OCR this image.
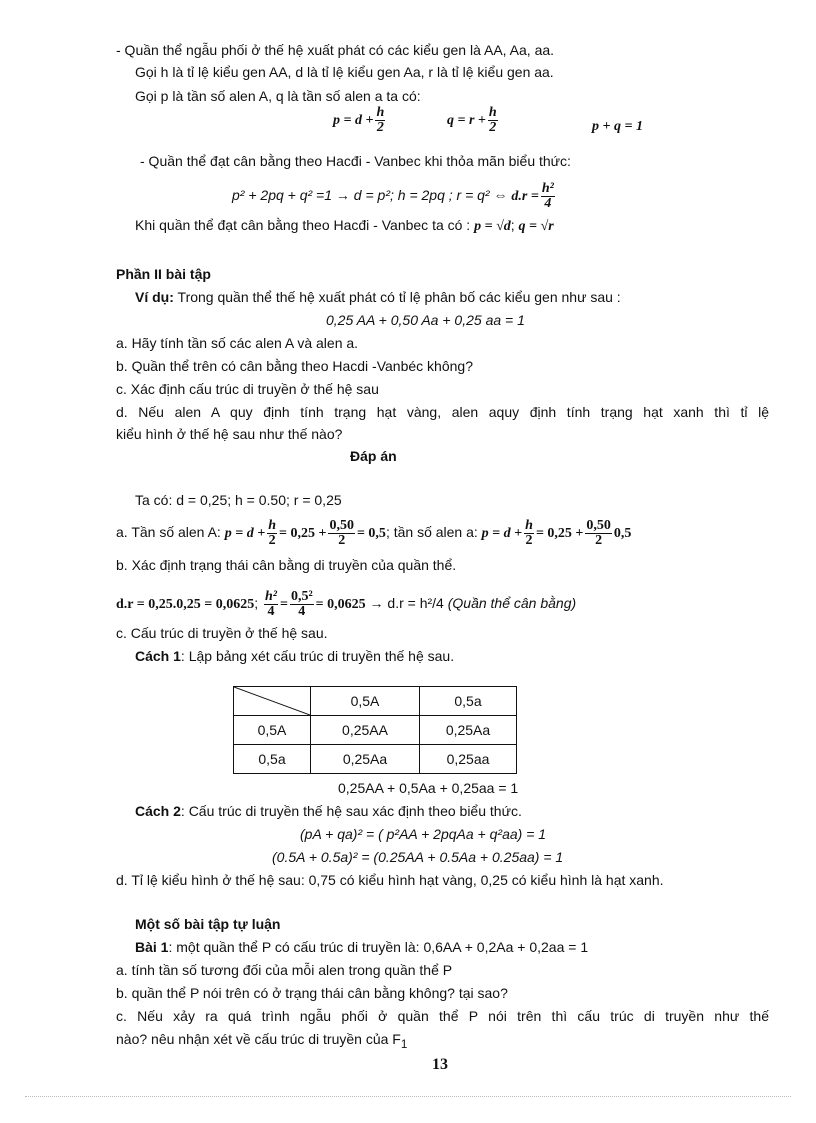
- Quần thể ngẫu phối ở thế hệ xuất phát có các kiểu gen là AA, Aa, aa.
Gọi h là tỉ lệ kiểu gen AA, d là tỉ lệ kiểu gen Aa, r là tỉ lệ kiểu gen aa.
Gọi p là tần số alen A, q là tần số alen a ta có:
$p = d + \frac{h}{2}$	$q = r + \frac{h}{2}$	p + q = 1
- Quần thể đạt cân bằng theo Hacđi - Vanbec khi thỏa mãn biểu thức:
p² + 2pq + q² =1 → d = p²; h = 2pq ; r = q² ⇔ $d.r = \frac{\text{h²}}{4}$
Khi quần thể đạt cân bằng theo Hacđi - Vanbec ta có : p = √d; q = √r
Phần II bài tập
Ví dụ: Trong quần thể thế hệ xuất phát có tỉ lệ phân bố các kiểu gen như sau :
0,25 AA + 0,50 Aa + 0,25 aa = 1
a. Hãy tính tần số các alen A và alen a.
b. Quần thể trên có cân bằng theo Hacdi -Vanbéc không?
c. Xác định cấu trúc di truyền ở thế hệ sau
d. Nếu alen A quy định tính trạng hạt vàng, alen aquy định tính trạng hạt xanh thì tỉ lệ
kiểu hình ở thế hệ sau như thế nào?
Đáp án
Ta có: d = 0,25; h = 0.50; r = 0,25
a. Tần số alen A: $p = d + \frac{h}{2} = 0,25 + \frac{0,50}{2} = 0,5$; tần số alen a: $p = d + \frac{h}{2} = 0,25 + \frac{0,50}{2} 0,5$
b. Xác định trạng thái cân bằng di truyền của quần thể.
d.r = 0,25.0,25 = 0,0625; $\frac{\text{h²}}{4} = \frac{\text{0,5²}}{4} = 0,0625 \to d.r = h^2/4$ (Quần thể cân bằng)
c. Cấu trúc di truyền ở thế hệ sau.
Cách 1: Lập bảng xét cấu trúc di truyền thế hệ sau.
	0,5A	0,5a
0,5A	0,25AA	0,25Aa
0,5a	0,25Aa	0,25aa
0,25AA + 0,5Aa + 0,25aa = 1
Cách 2: Cấu trúc di truyền thế hệ sau xác định theo biểu thức.
(pA + qa)² = ( p²AA + 2pqAa + q²aa) = 1
(0.5A + 0.5a)² = (0.25AA + 0.5Aa + 0.25aa) = 1
d. Tỉ lệ kiểu hình ở thế hệ sau: 0,75 có kiểu hình hạt vàng, 0,25 có kiểu hình là hạt xanh.
Một số bài tập tự luận
Bài 1: một quần thể P có cấu trúc di truyền là: 0,6AA + 0,2Aa + 0,2aa = 1
a. tính tần số tương đối của mỗi alen trong quần thể P
b. quần thể P nói trên có ở trạng thái cân bằng không? tại sao?
c. Nếu xảy ra quá trình ngẫu phối ở quần thể P nói trên thì cấu trúc di truyền như thế
nào? nêu nhận xét về cấu trúc di truyền của $F_1$
13
